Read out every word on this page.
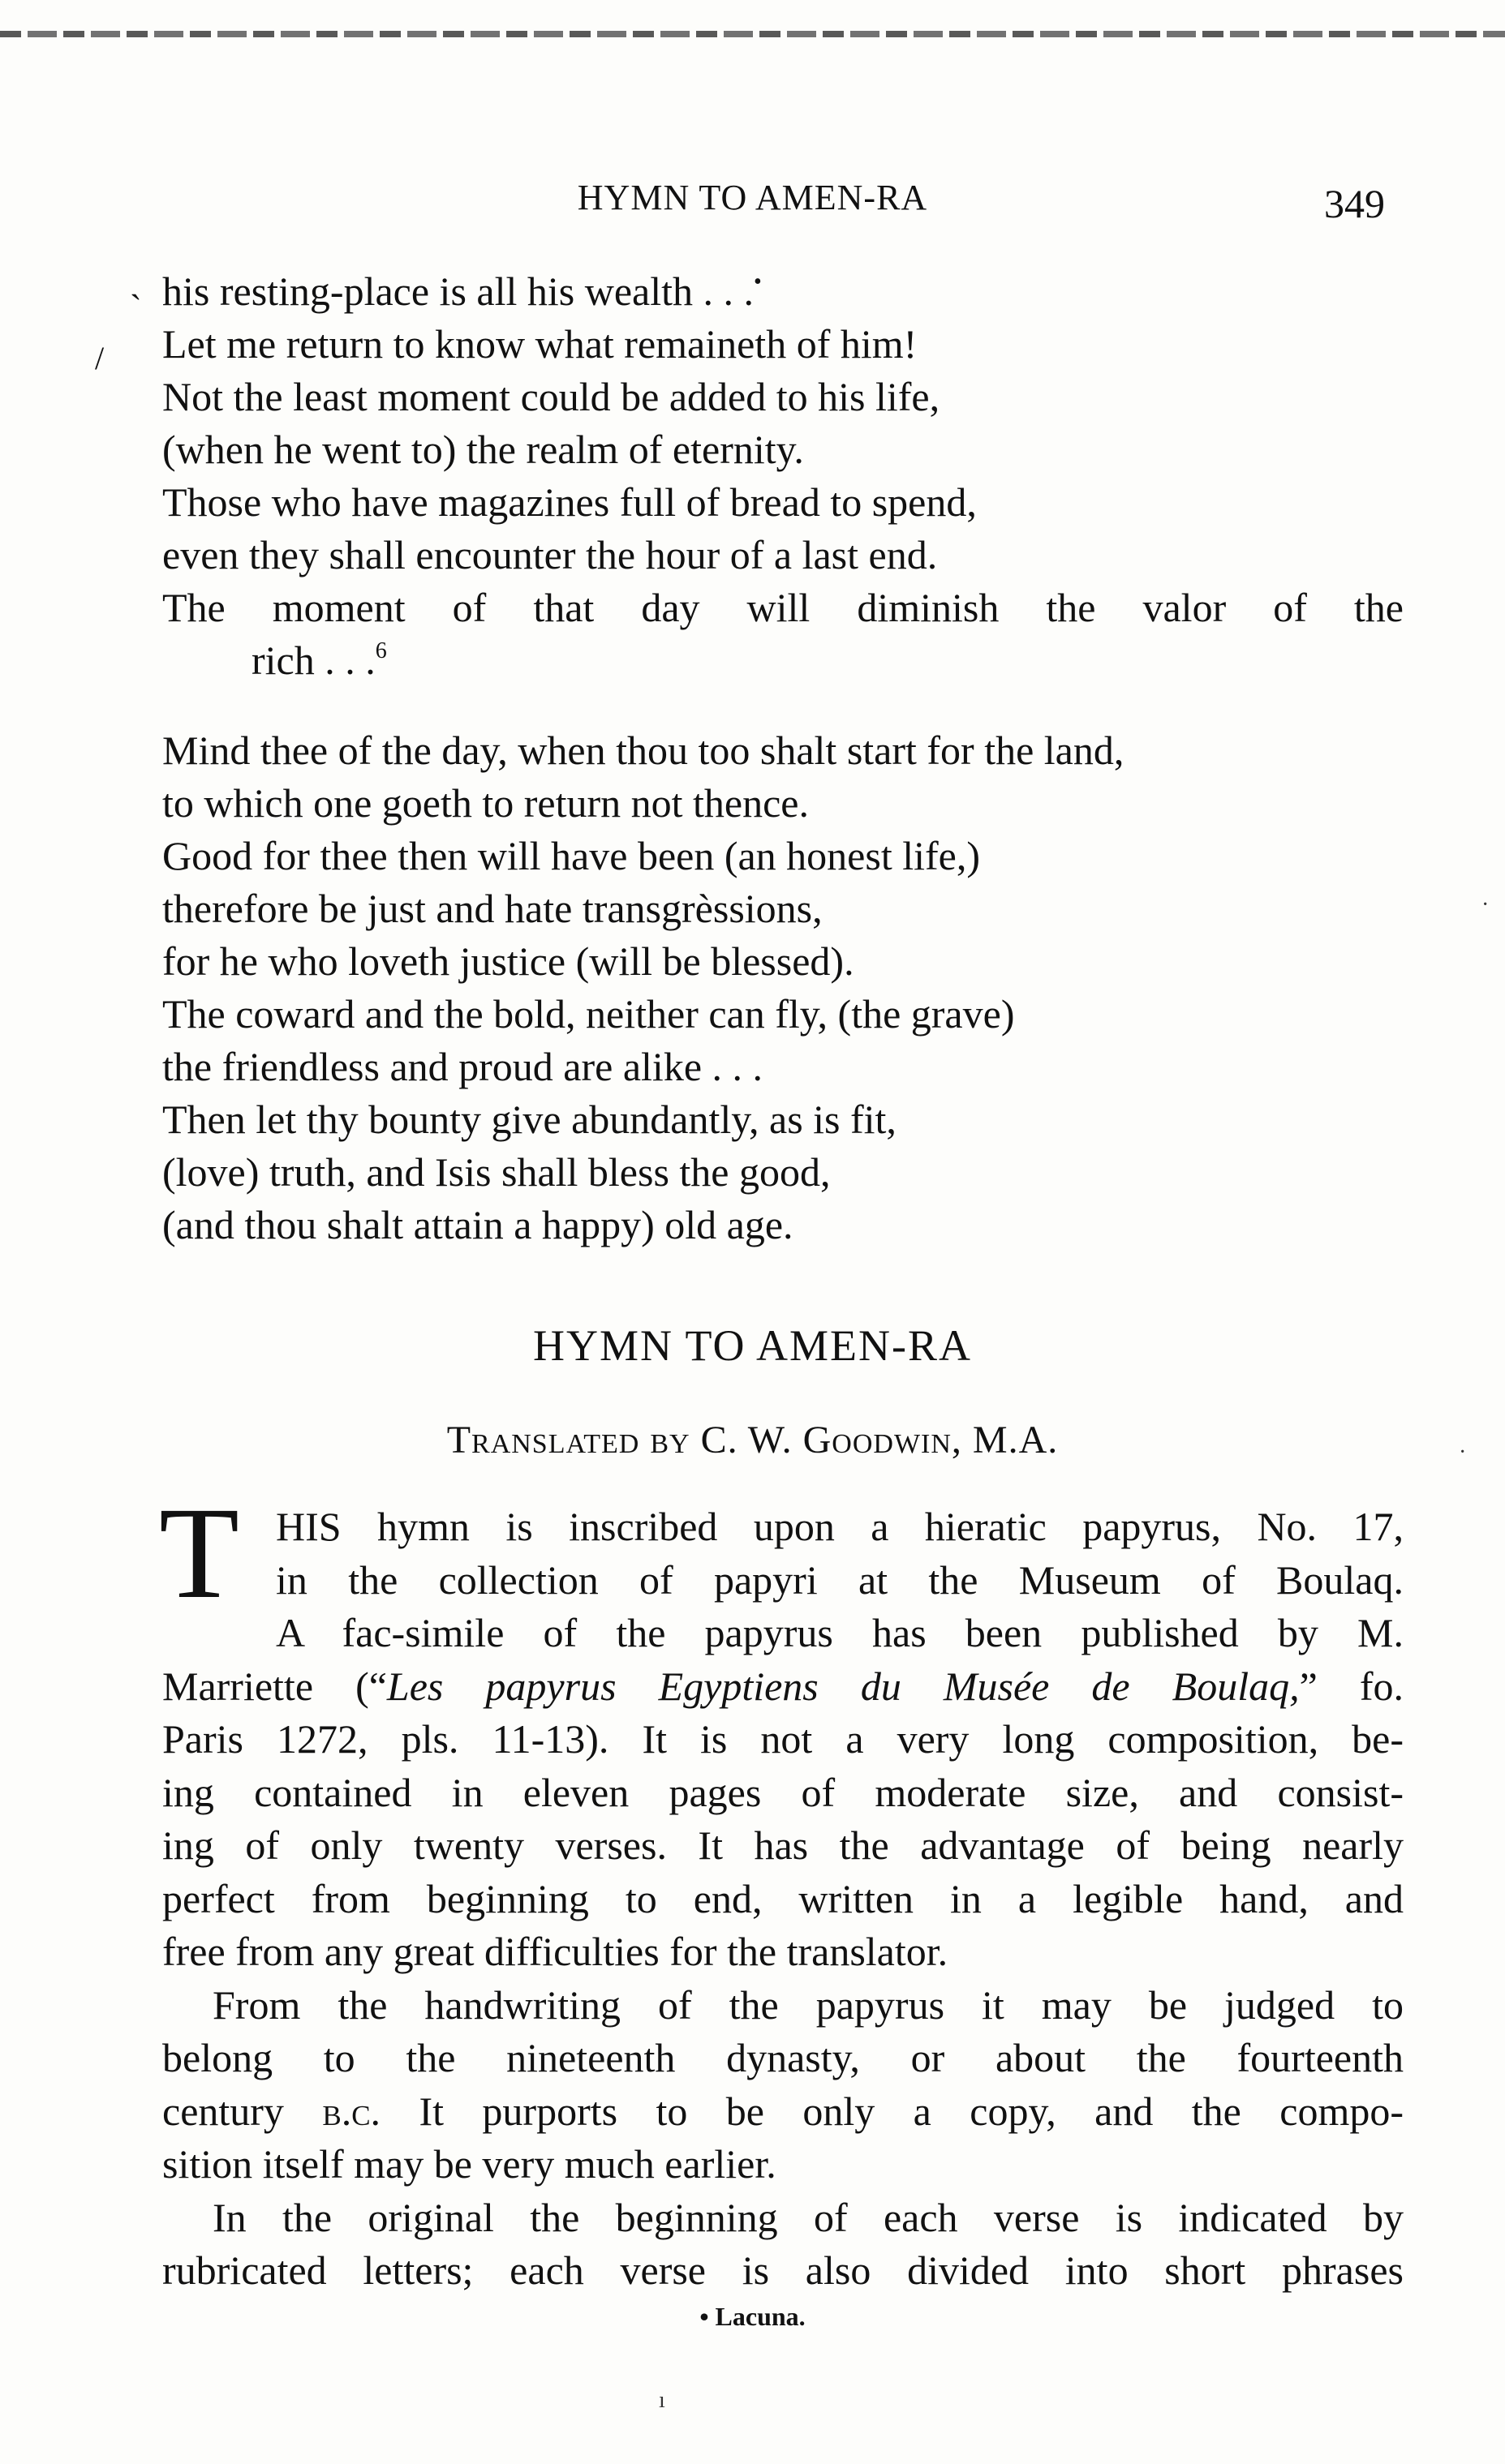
HYMN TO AMEN-RA	349
ˎ
/
his resting-place is all his wealth . . .•
Let me return to know what remaineth of him!
Not the least moment could be added to his life,
(when he went to) the realm of eternity.
Those who have magazines full of bread to spend,
even they shall encounter the hour of a last end.
The moment of that day will diminish the valor of the
rich . . .$^6$
Mind thee of the day, when thou too shalt start for the land,
to which one goeth to return not thence.
Good for thee then will have been (an honest life,)
therefore be just and hate transgrèssions,
for he who loveth justice (will be blessed).
The coward and the bold, neither can fly, (the grave)
the friendless and proud are alike . . .
Then let thy bounty give abundantly, as is fit,
(love) truth, and Isis shall bless the good,
(and thou shalt attain a happy) old age.
HYMN TO AMEN-RA
Translated by C. W. Goodwin, M.A.
T HIS hymn is inscribed upon a hieratic papyrus, No. 17,
in the collection of papyri at the Museum of Boulaq.
A fac-simile of the papyrus has been published by M.
Marriette (“Les papyrus Egyptiens du Musée de Boulaq,” fo.
Paris 1272, pls. 11-13). It is not a very long composition, be-
ing contained in eleven pages of moderate size, and consist-
ing of only twenty verses. It has the advantage of being nearly
perfect from beginning to end, written in a legible hand, and
free from any great difficulties for the translator.
From the handwriting of the papyrus it may be judged to
belong to the nineteenth dynasty, or about the fourteenth
century b.c. It purports to be only a copy, and the compo-
sition itself may be very much earlier.
In the original the beginning of each verse is indicated by
rubricated letters; each verse is also divided into short phrases
• Lacuna.
·
·
ı
